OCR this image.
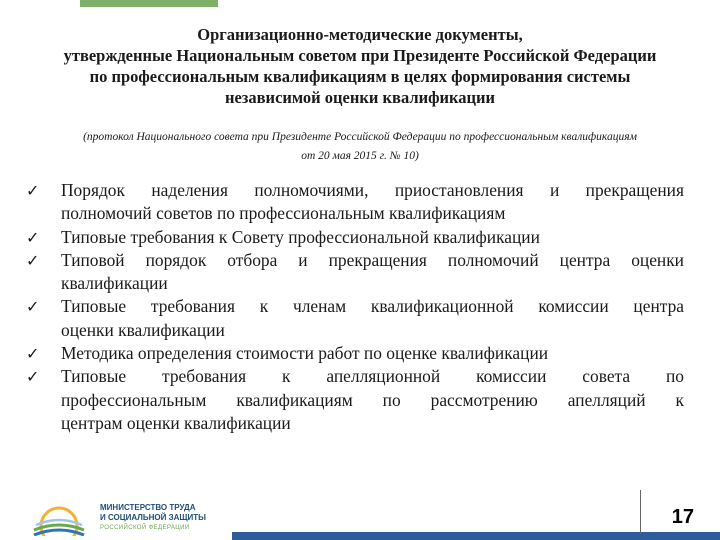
Организационно-методические документы,
утвержденные Национальным советом при Президенте Российской Федерации
по профессиональным квалификациям в целях формирования системы
независимой оценки квалификации
(протокол Национального совета при Президенте Российской Федерации по профессиональным квалификациям
от 20 мая 2015 г. № 10)
✓ Порядок наделения полномочиями, приостановления и прекращения
полномочий советов по профессиональным квалификациям
✓ Типовые требования к Совету профессиональной квалификации
✓ Типовой порядок отбора и прекращения полномочий центра оценки
квалификации
✓ Типовые требования к членам квалификационной комиссии центра
оценки квалификации
✓ Методика определения стоимости работ по оценке квалификации
✓ Типовые требования к апелляционной комиссии совета по
профессиональным квалификациям по рассмотрению апелляций к
центрам оценки квалификации
МИНИСТЕРСТВО ТРУДА
И СОЦИАЛЬНОЙ ЗАЩИТЫ
РОССИЙСКОЙ ФЕДЕРАЦИИ	17
